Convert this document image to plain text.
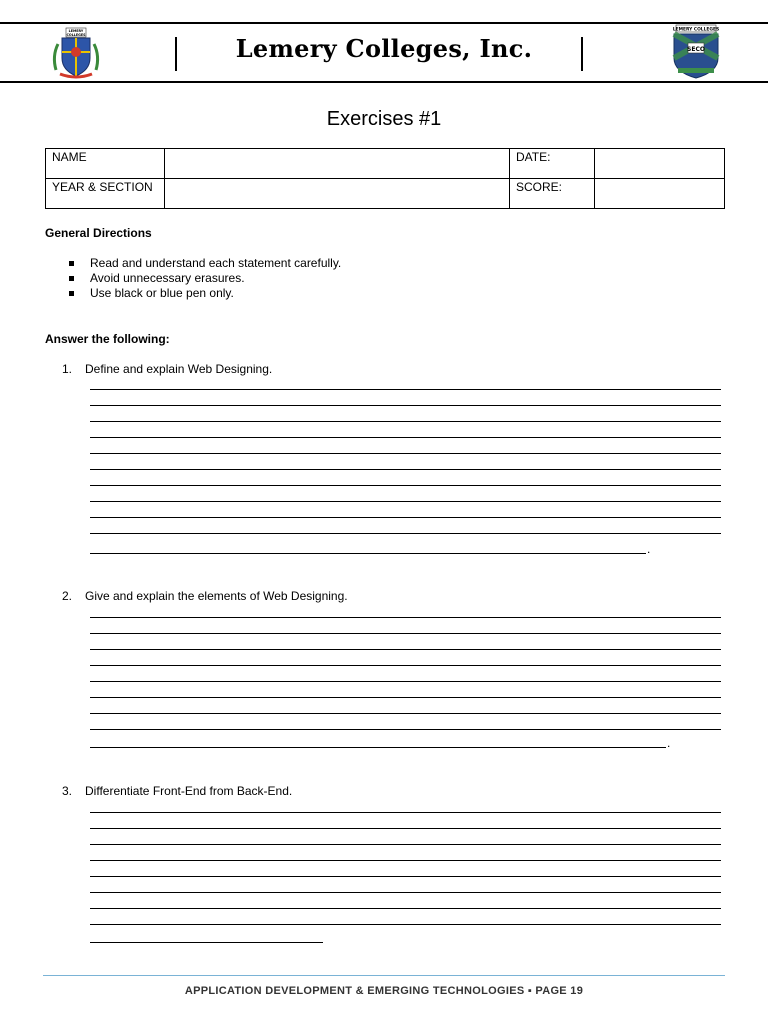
LEMERY
COLLEGES	Lemery Colleges, Inc.
LEMERY COLLEGES
SECO
Exercises #1
NAME		DATE:	
YEAR & SECTION		SCORE:	
General Directions
Read and understand each statement carefully.
Avoid unnecessary erasures.
Use black or blue pen only.
Answer the following:
1. Define and explain Web Designing.
.
2. Give and explain the elements of Web Designing.
.
3. Differentiate Front-End from Back-End.
APPLICATION DEVELOPMENT & EMERGING TECHNOLOGIES ▪ PAGE 19
